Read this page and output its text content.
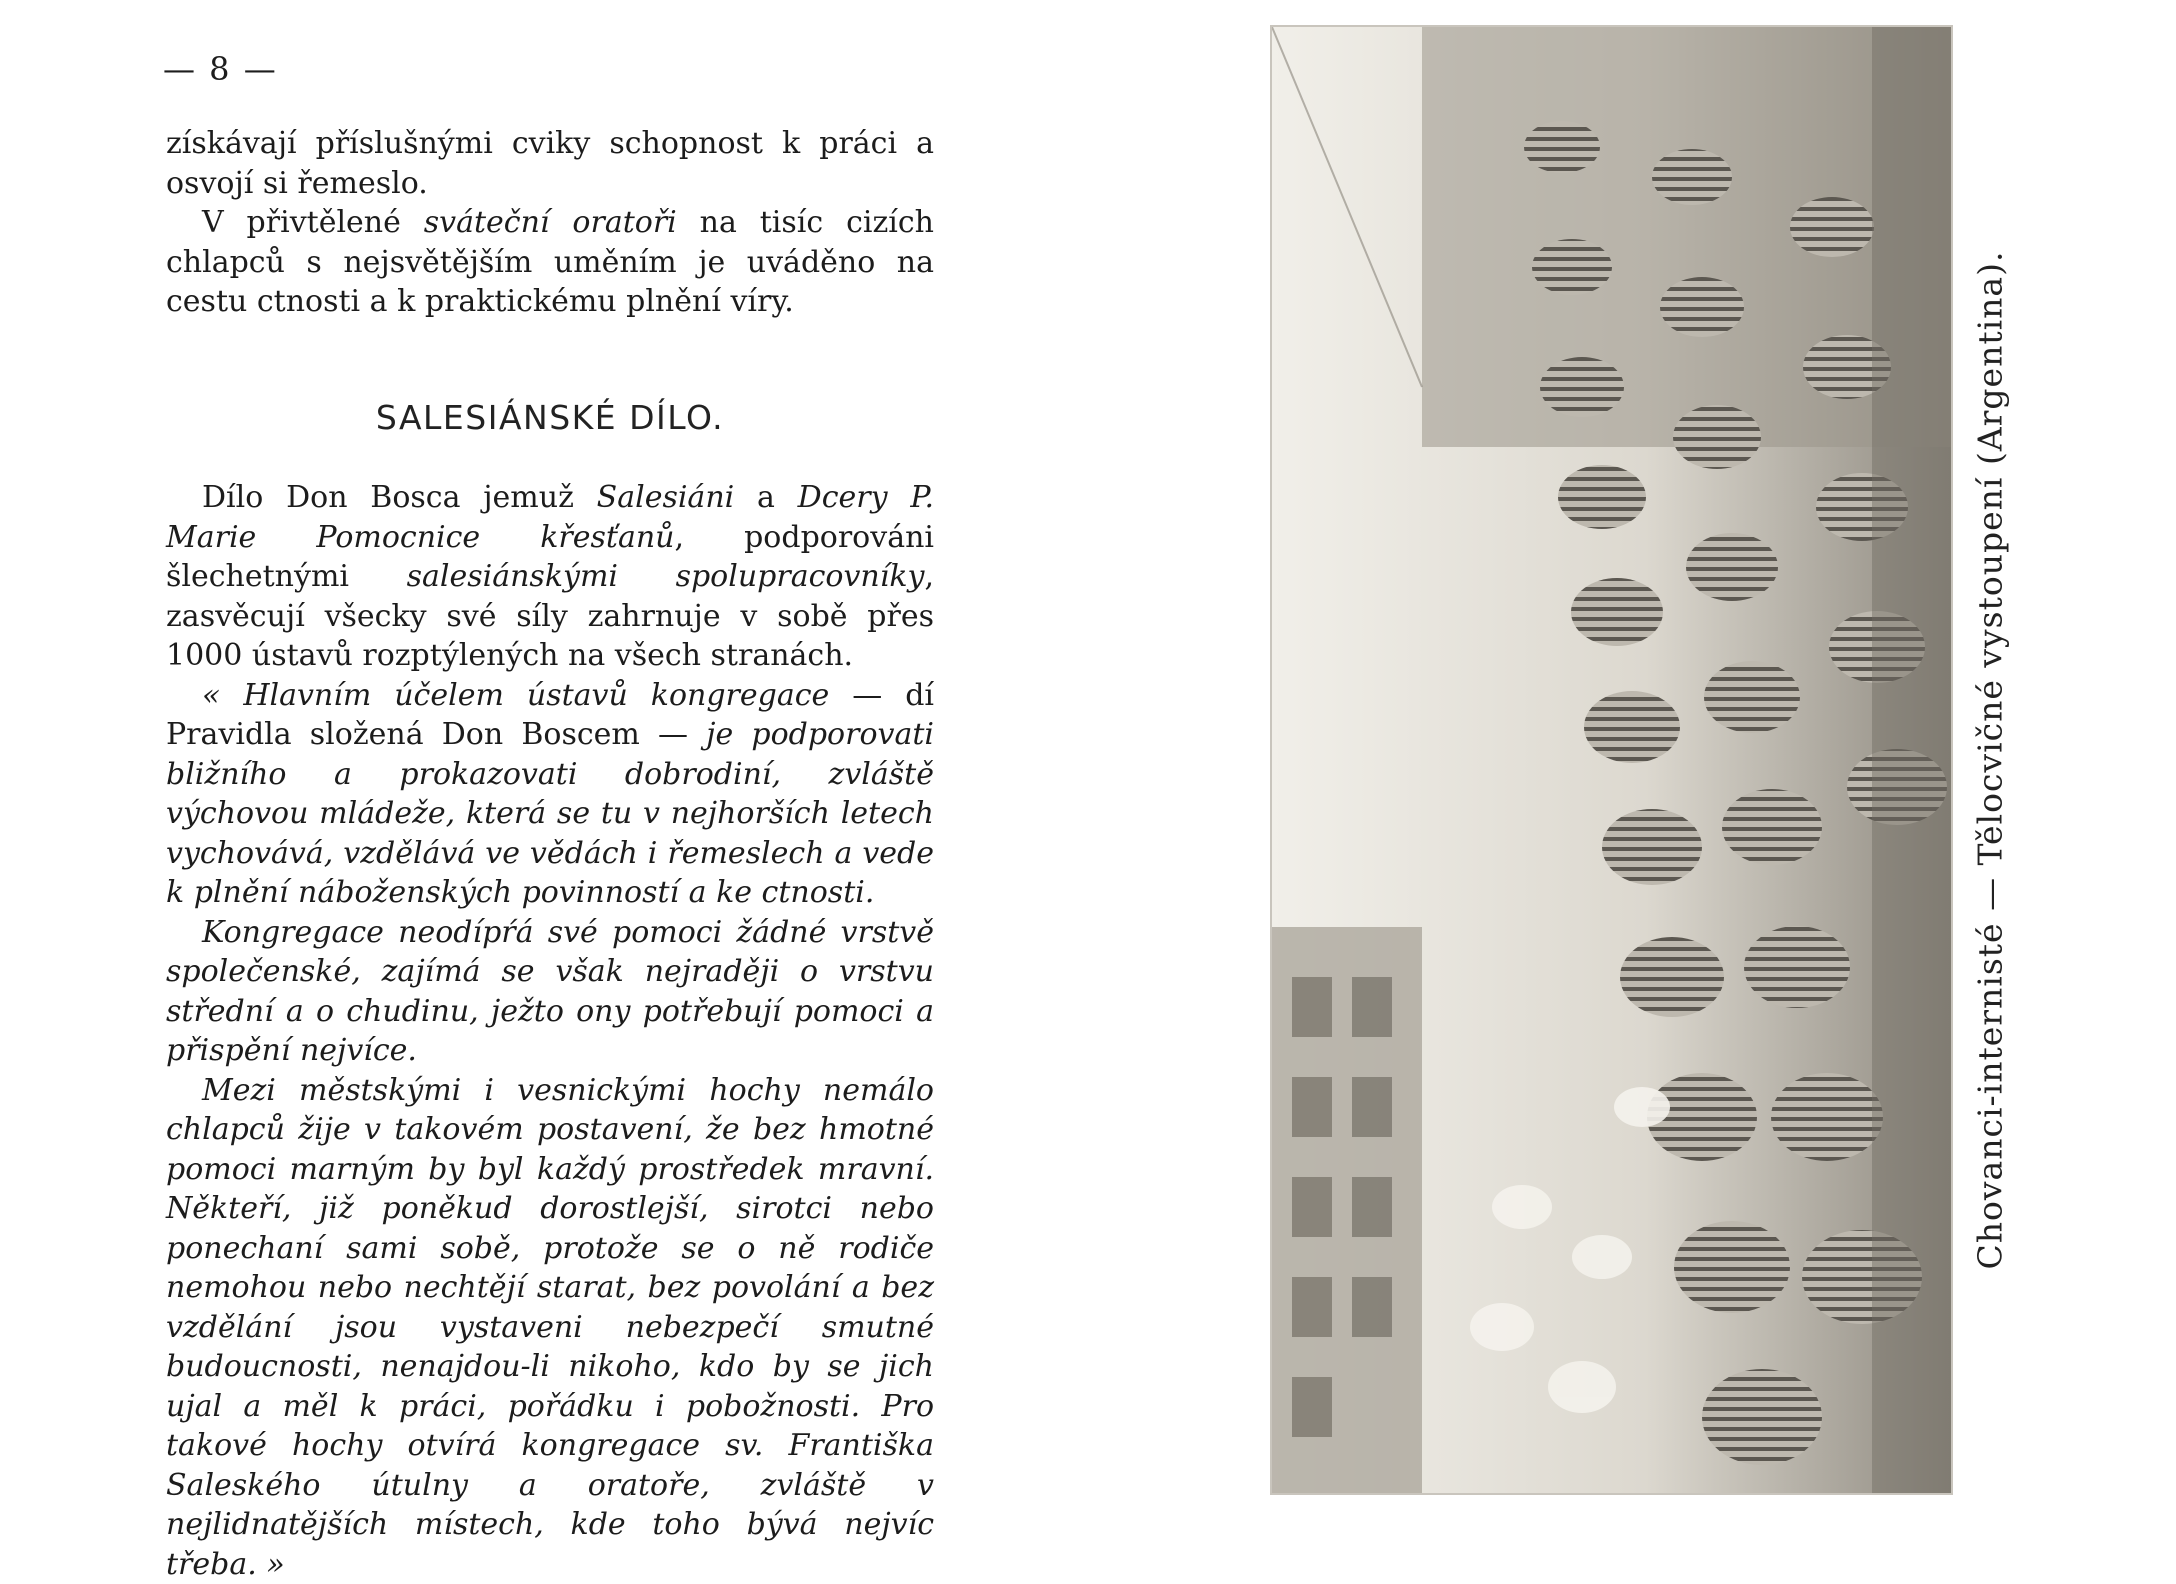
— 8 —

získávají příslušnými cviky schopnost k práci a osvojí si řemeslo.

V přivtělené sváteční oratoři na tisíc cizích chlapců s nejsvětějším uměním je uváděno na cestu ctnosti a k praktickému plnění víry.

SALESIÁNSKÉ DÍLO.

Dílo Don Bosca jemuž Salesiáni a Dcery P. Marie Pomocnice křesťanů, podporováni šlechetnými salesiánskými spolupracovníky, zasvěcují všecky své síly zahrnuje v sobě přes 1000 ústavů rozptýlených na všech stranách.

« Hlavním účelem ústavů kongregace — dí Pravidla složená Don Boscem — je podporovati bližního a prokazovati dobrodiní, zvláště výchovou mládeže, která se tu v nejhorších letech vychovává, vzdělává ve vědách i řemeslech a vede k plnění náboženských povinností a ke ctnosti.

Kongregace neodípŕá své pomoci žádné vrstvě společenské, zajímá se však nejraději o vrstvu střední a o chudinu, ježto ony potřebují pomoci a přispění nejvíce.

Mezi městskými i vesnickými hochy nemálo chlapců žije v takovém postavení, že bez hmotné pomoci marným by byl každý prostředek mravní. Někteří, již poněkud dorostlejší, sirotci nebo ponechaní sami sobě, protože se o ně rodiče nemohou nebo nechtějí starat, bez povolání a bez vzdělání jsou vystaveni nebezpečí smutné budoucnosti, nenajdou-li nikoho, kdo by se jich ujal a měl k práci, pořádku i pobožnosti. Pro takové hochy otvírá kongregace sv. Františka Saleského útulny a oratoře, zvláště v nejlidnatějších místech, kde toho bývá nejvíc třeba. »

Chovanci-internisté — Tělocvičné vystoupení (Argentina).
